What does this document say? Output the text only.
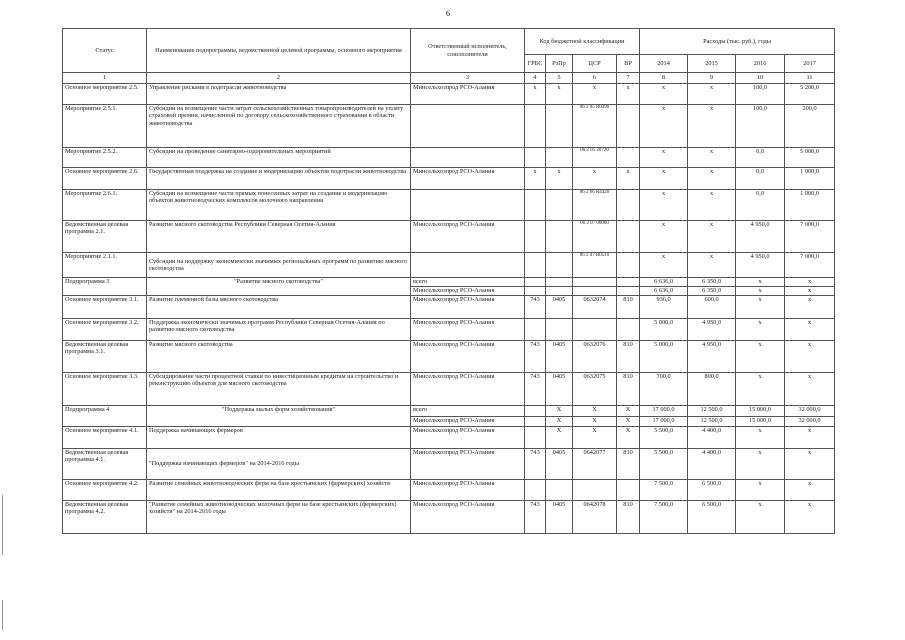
6
Статус	Наименование подпрограммы, ведомственной целевой программы, основного мероприятия	Ответственный исполнитель, соисполнители	Код бюджетной классификации				Расходы (тыс. руб.), годы			
			ГРБС	РзПр	ЦСР	ВР	2014	2015	2016	2017
1	2	3	4	5	6	7	8	9	10	11
Основное мероприятие 2.5.	Управление рисками в подотрасли животноводства	Минсельхозпрод РСО-Алания	х	х	х	х	х	х	100,0	5 200,0
Мероприятие 2.5.1.	Субсидии на возмещение части затрат сельскохозяйственных товаропроизводителей на уплату страховой премии, начисленной по договору сельскохозяйственного страхования в области животноводства				06 2 05 R0490		х	х	100,0	200,0
Мероприятие 2.5.2.	Субсидии на проведение санитарно-оздоровительных мероприятий				06 2 05 20720		х	х	0,0	5 000,0
Основное мероприятие 2.6.	Государственная поддержка на создание и модернизацию объектов подотрасли животноводства	Минсельхозпрод РСО-Алания	х	х	х	х	х	х	0,0	1 000,0
Мероприятие 2.6.1.	Субсидии на возмещение части прямых понесенных затрат на создание и модернизацию объектов животноводческих комплексов молочного направления				06 2 06 R4420		х	х	0,0	1 000,0
Ведомственная целевая программа 2.1.	Развитие мясного скотоводства Республики Северная Осетия-Алания	Минсельхозпрод РСО-Алания			06 2 07 00000		х	х	4 950,0	7 000,0
Мероприятие 2.1.1.	Субсидии на поддержку экономически значимых региональных программ по развитию мясного скотоводства				06 2 07 R0510		х	х	4 950,0	7 000,0
Подпрограмма 3	"Развитие мясного скотоводства"	всего					6 636,0	6 350,0	х	х
		Минсельхозпрод РСО-Алания					6 636,0	6 350,0	х	х
Основное мероприятие 3.1.	Развитие племенной базы мясного скотоводства	Минсельхозпрод РСО-Алания	743	0405	0632074	810	936,0	600,0	х	х
Основное мероприятие 3.2.	Поддержка экономически значимых программ Республики Северная Осетия-Алания по развитию мясного скотоводства	Минсельхозпрод РСО-Алания					5 000,0	4 950,0	х	х
Ведомственная целевая программа 3.1.	Развитие мясного скотоводства	Минсельхозпрод РСО-Алания	743	0405	0632076	810	5 000,0	4 950,0	х	х
Основное мероприятие 3.3.	Субсидирование части процентной ставки по инвестиционным кредитам на строительство и реконструкцию объектов для мясного скотоводства	Минсельхозпрод РСО-Алания	743	0405	0632075	810	700,0	800,0	х	х
Подпрограмма 4	"Поддержка малых форм хозяйствования"	всего		Х	Х	Х	17 000,0	12 500,0	15 000,0	32 000,0
		Минсельхозпрод РСО-Алания		Х	Х	Х	17 000,0	12 500,0	15 000,0	32 000,0
Основное мероприятие 4.1.	Поддержка начинающих фермеров	Минсельхозпрод РСО-Алания		Х	Х	Х	5 500,0	4 400,0	х	х
Ведомственная целевая программа 4.1.	"Поддержка начинающих фермеров" на 2014-2016 годы	Минсельхозпрод РСО-Алания	743	0405	0642077	810	5 500,0	4 400,0	х	х
Основное мероприятие 4.2.	Развитие семейных животноводческих ферм на базе крестьянских (фермерских) хозяйств	Минсельхозпрод РСО-Алания					7 500,0	6 500,0	х	х
Ведомственная целевая программа 4.2.	"Развитие семейных животноводческих молочных ферм на базе крестьянских (фермерских) хозяйств" на 2014-2016 годы	Минсельхозпрод РСО-Алания	743	0405	0642078	810	7 500,0	6 500,0	х	х
